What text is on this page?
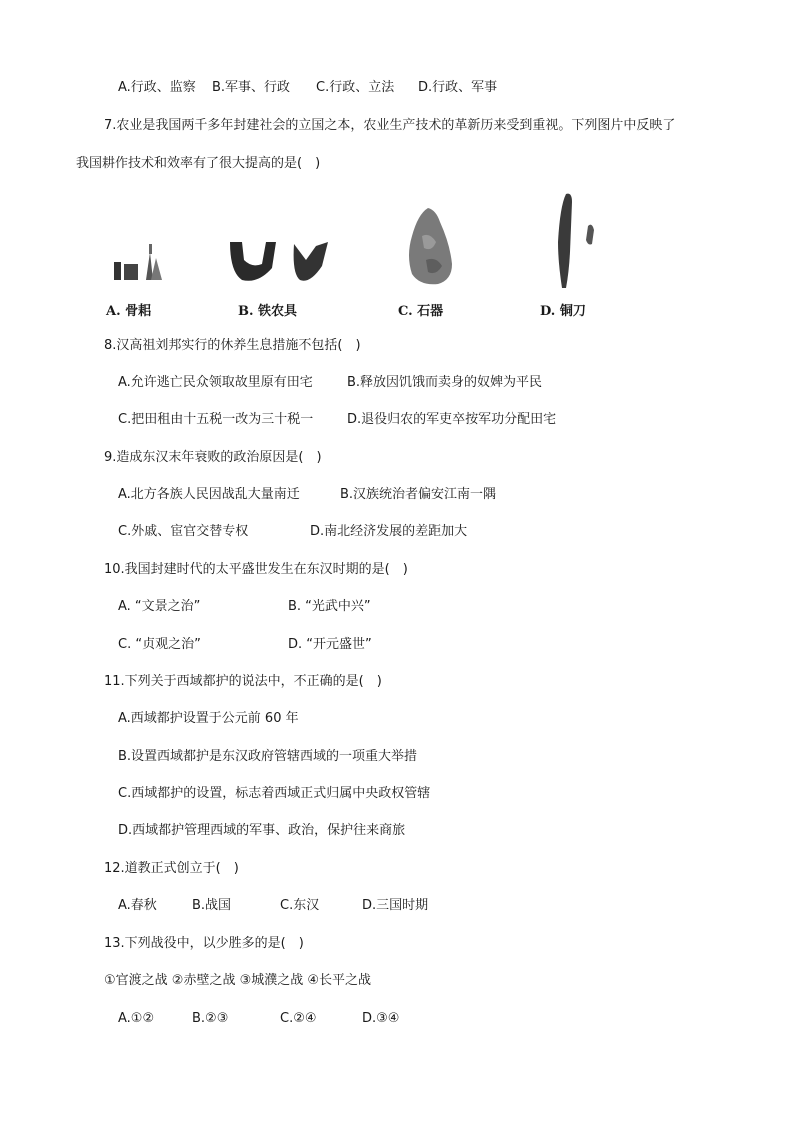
A.行政、监察 B.军事、行政 C.行政、立法 D.行政、军事
7.农业是我国两千多年封建社会的立国之本，农业生产技术的革新历来受到重视。下列图片中反映了
我国耕作技术和效率有了很大提高的是(　)
A. 骨耜	B. 铁农具	C. 石器	D. 铜刀
8.汉高祖刘邦实行的休养生息措施不包括(　)
A.允许逃亡民众领取故里原有田宅	B.释放因饥饿而卖身的奴婢为平民
C.把田租由十五税一改为三十税一	D.退役归农的军吏卒按军功分配田宅
9.造成东汉末年衰败的政治原因是(　)
A.北方各族人民因战乱大量南迁	B.汉族统治者偏安江南一隅
C.外戚、宦官交替专权	D.南北经济发展的差距加大
10.我国封建时代的太平盛世发生在东汉时期的是(　)
A. “文景之治”	B. “光武中兴”
C. “贞观之治”	D. “开元盛世”
11.下列关于西域都护的说法中，不正确的是(　)
A.西域都护设置于公元前 60 年
B.设置西域都护是东汉政府管辖西域的一项重大举措
C.西域都护的设置，标志着西域正式归属中央政权管辖
D.西域都护管理西域的军事、政治，保护往来商旅
12.道教正式创立于(　)
A.春秋	B.战国	C.东汉	D.三国时期
13.下列战役中，以少胜多的是(　)
①官渡之战 ②赤壁之战 ③城濮之战 ④长平之战
A.①②	B.②③	C.②④	D.③④
